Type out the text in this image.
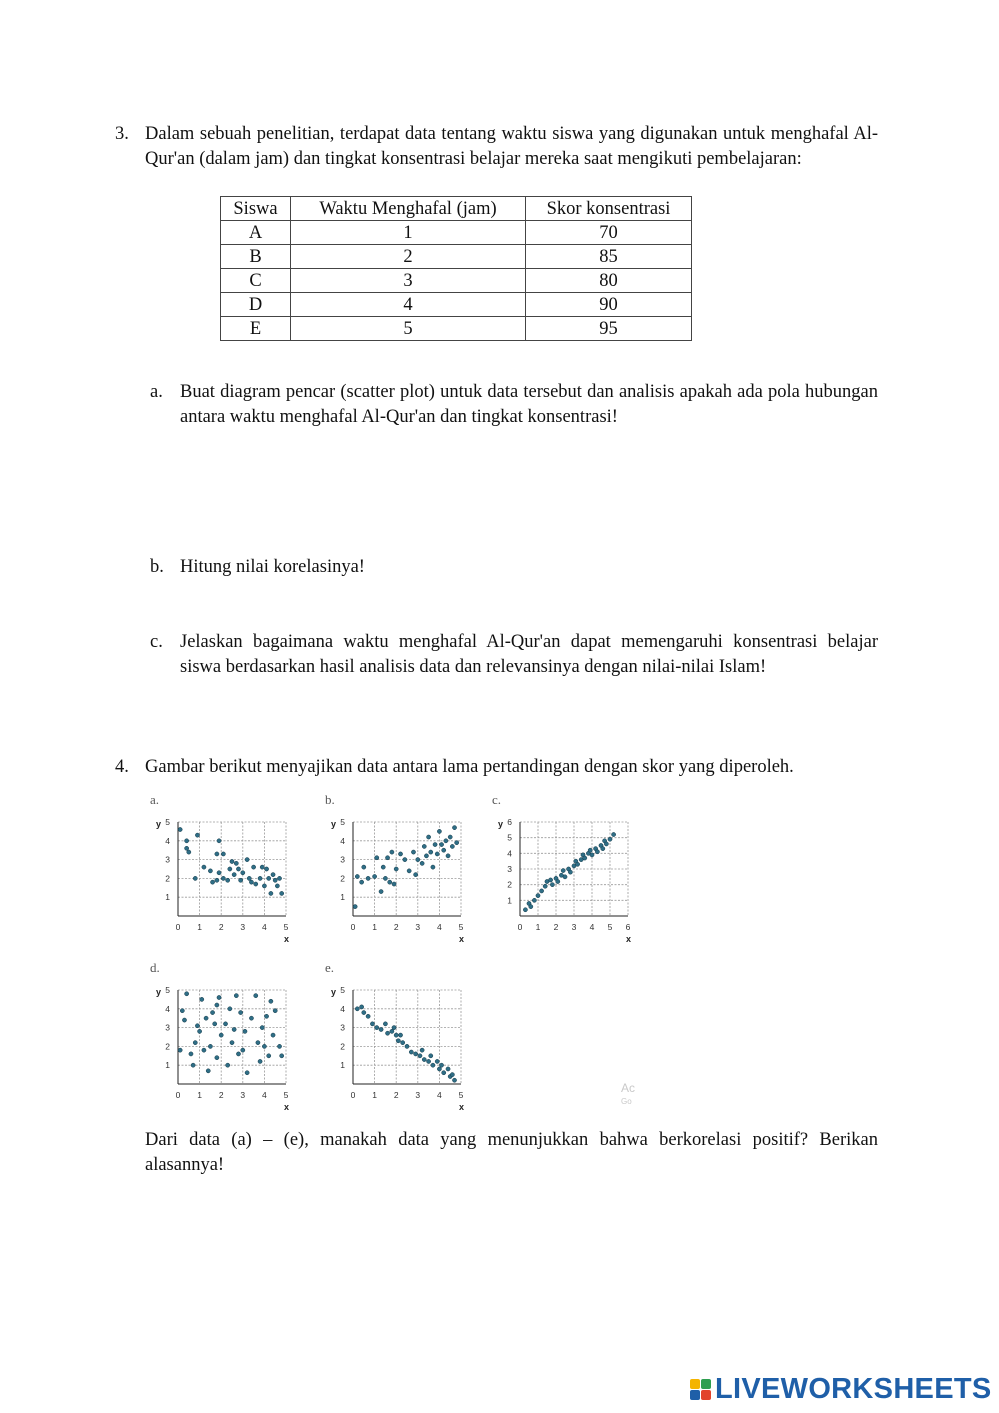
3. Dalam sebuah penelitian, terdapat data tentang waktu siswa yang digunakan untuk menghafal Al-Qur'an (dalam jam) dan tingkat konsentrasi belajar mereka saat mengikuti pembelajaran:
Siswa	Waktu Menghafal (jam)	Skor konsentrasi
A	1	70
B	2	85
C	3	80
D	4	90
E	5	95
a. Buat diagram pencar (scatter plot) untuk data tersebut dan analisis apakah ada pola hubungan antara waktu menghafal Al-Qur'an dan tingkat konsentrasi!
b. Hitung nilai korelasinya!
c. Jelaskan bagaimana waktu menghafal Al-Qur'an dapat memengaruhi konsentrasi belajar siswa berdasarkan hasil analisis data dan relevansinya dengan nilai-nilai Islam!
4. Gambar berikut menyajikan data antara lama pertandingan dengan skor yang diperoleh.
a.
0 1 2 3 4 5
1
2
3
4
5
y
x
b.
0 1 2 3 4 5
1
2
3
4
5
y
x
c.
0 1 2 3 4 5 6
1
2
3
4
5
6
y
x
d.
0 1 2 3 4 5
1
2
3
4
5
y
x
e.
0 1 2 3 4 5
1
2
3
4
5
y
x
Ac
Go
Dari data (a) – (e), manakah data yang menunjukkan bahwa berkorelasi positif? Berikan alasannya!
LIVEWORKSHEETS
